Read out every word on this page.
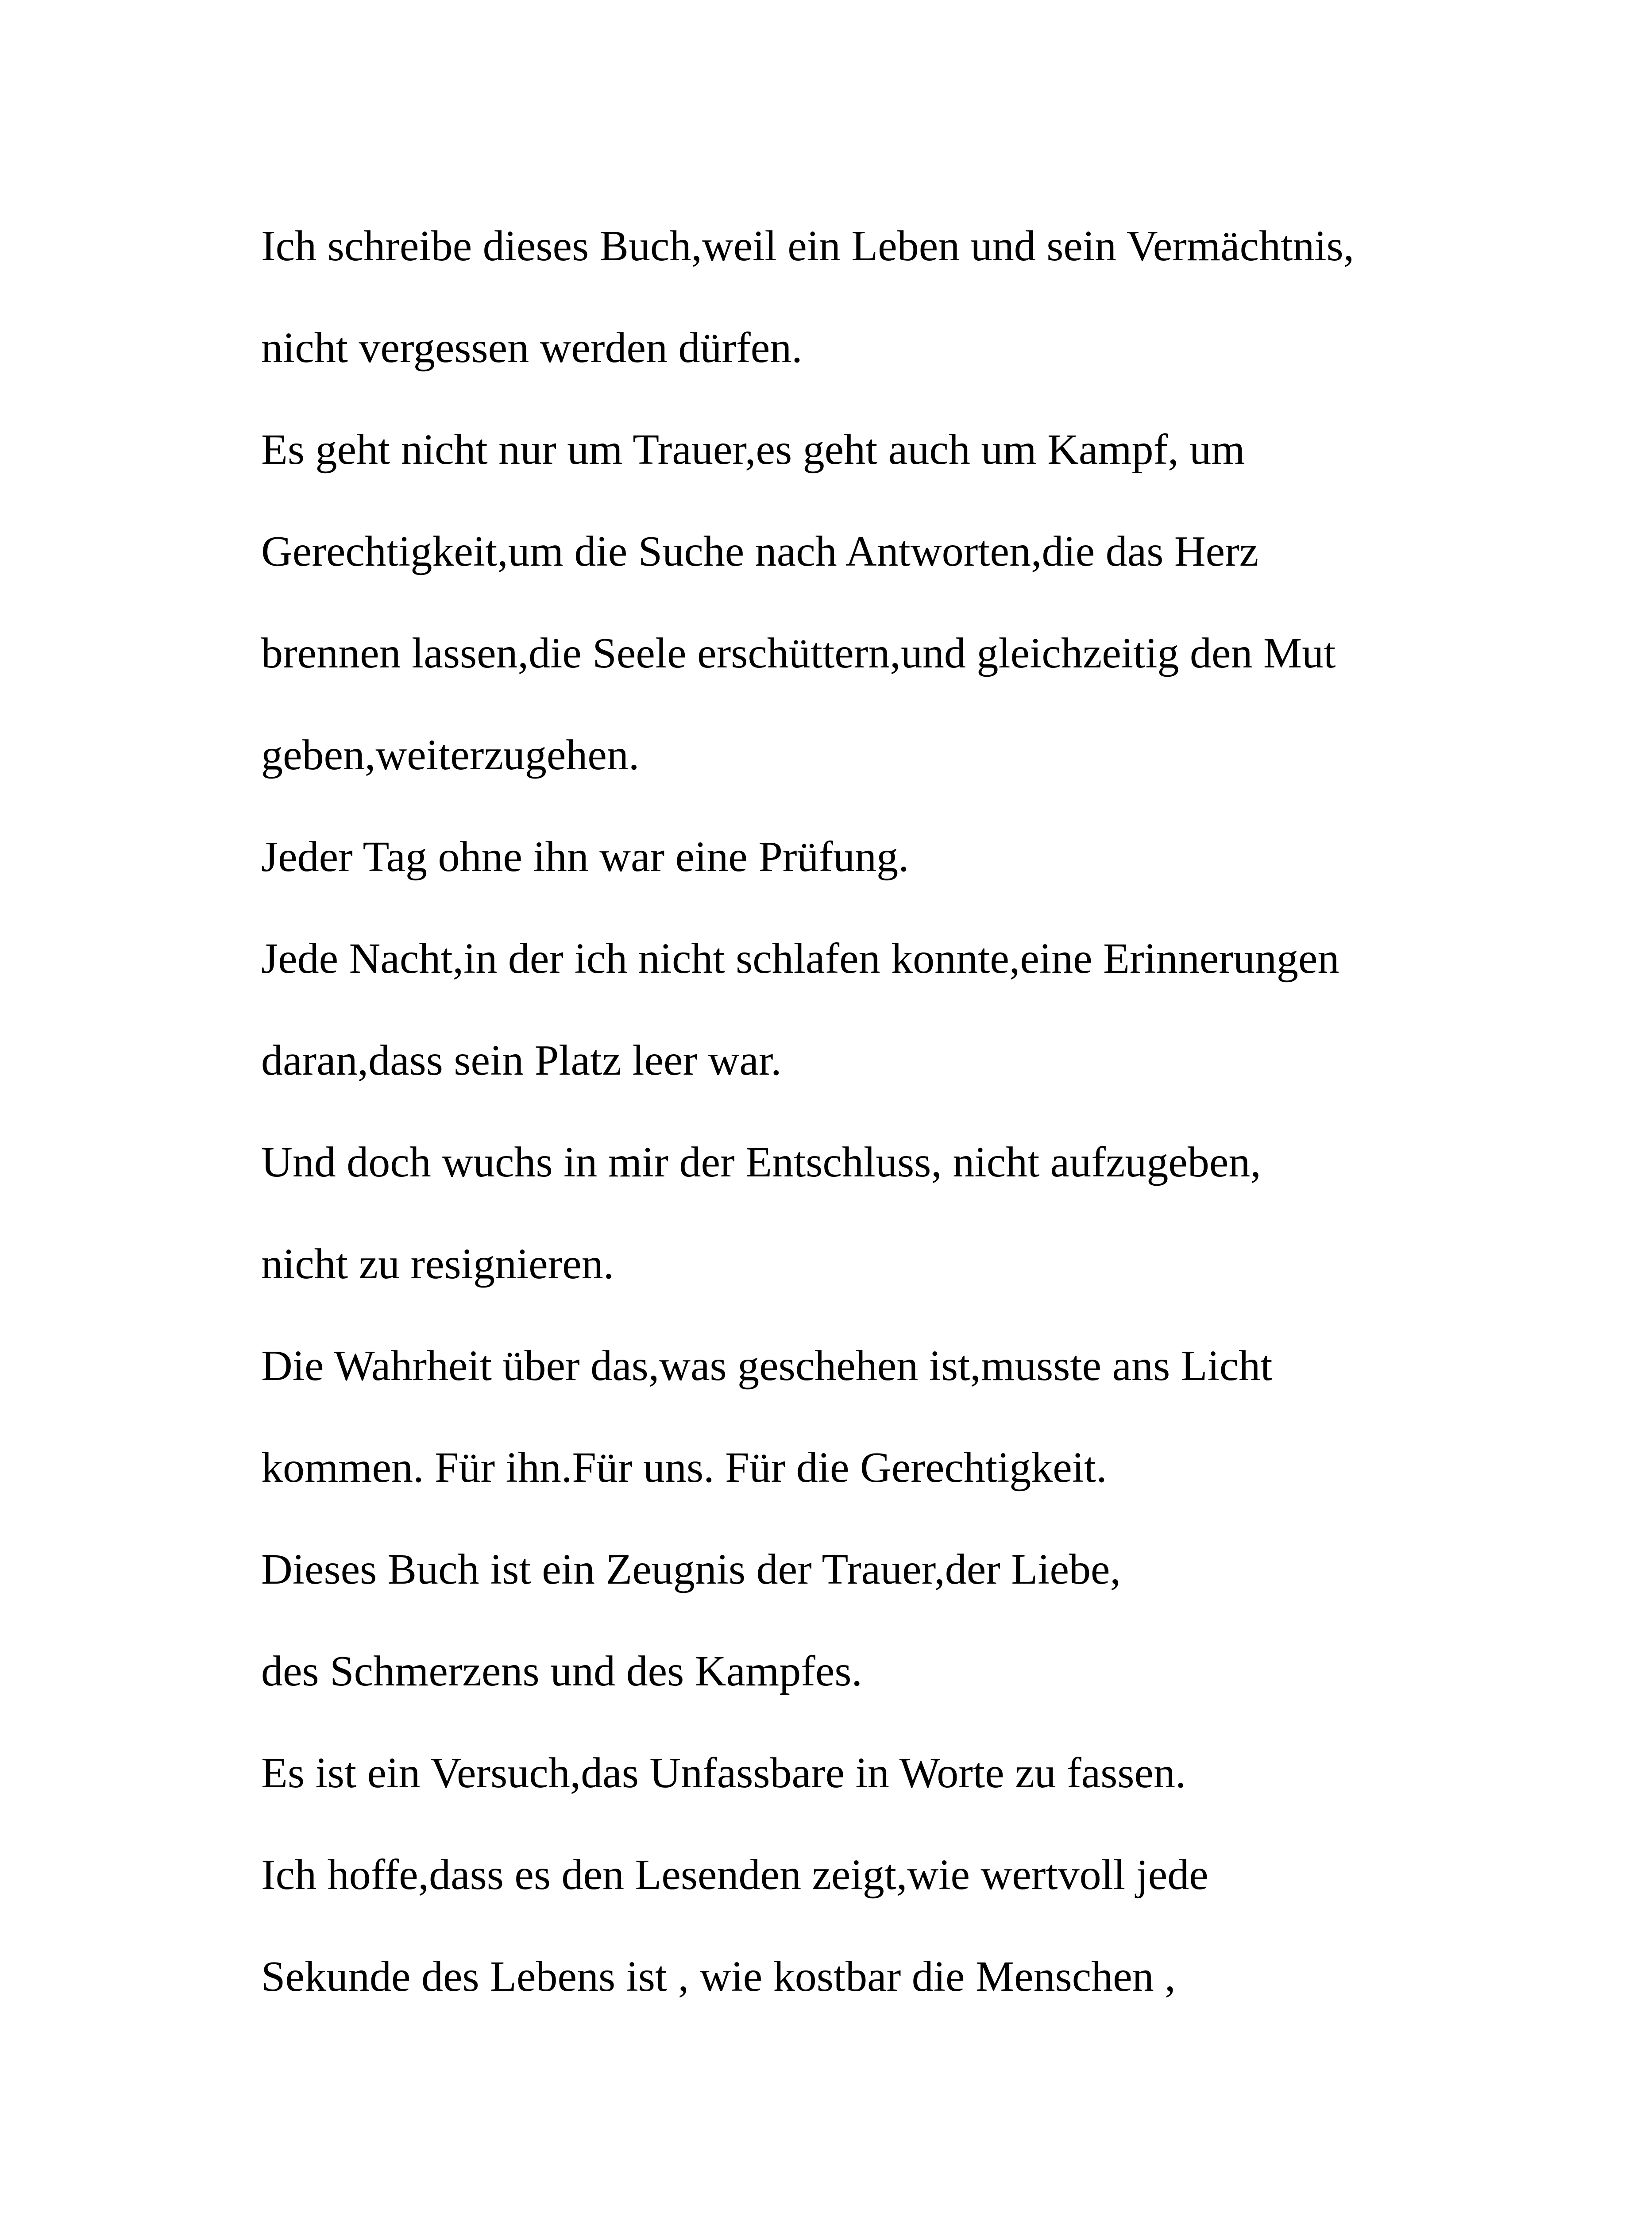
Ich schreibe dieses Buch,weil ein Leben und sein Vermächtnis,

nicht vergessen werden dürfen.

Es geht nicht nur um Trauer,es geht auch um Kampf, um

Gerechtigkeit,um die Suche nach Antworten,die das Herz

brennen lassen,die Seele erschüttern,und gleichzeitig den Mut

geben,weiterzugehen.

Jeder Tag ohne ihn war eine Prüfung.

Jede Nacht,in der ich nicht schlafen konnte,eine Erinnerungen

daran,dass sein Platz leer war.

Und doch wuchs in mir der Entschluss, nicht aufzugeben,

nicht zu resignieren.

Die Wahrheit über das,was geschehen ist,musste ans Licht

kommen. Für ihn.Für uns. Für die Gerechtigkeit.

Dieses Buch ist ein Zeugnis der Trauer,der Liebe,

des Schmerzens und des Kampfes.

Es ist ein Versuch,das Unfassbare in Worte zu fassen.

Ich hoffe,dass es den Lesenden zeigt,wie wertvoll jede

Sekunde des Lebens ist , wie kostbar die Menschen ,
